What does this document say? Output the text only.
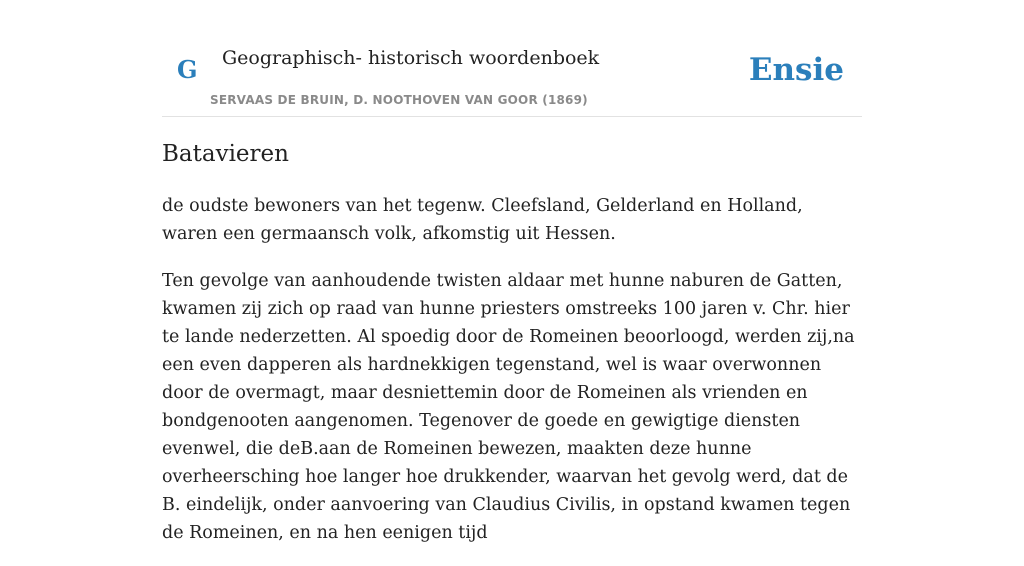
G Geographisch- historisch woordenboek
SERVAAS DE BRUIN, D. NOOTHOVEN VAN GOOR (1869)
Ensie
Batavieren

de oudste bewoners van het tegenw. Cleefsland, Gelderland en Holland, waren een germaansch volk, afkomstig uit Hessen.

Ten gevolge van aanhoudende twisten aldaar met hunne naburen de Gatten, kwamen zij zich op raad van hunne priesters omstreeks 100 jaren v. Chr. hier te lande nederzetten. Al spoedig door de Romeinen beoorloogd, werden zij,na een even dapperen als hardnekkigen tegenstand, wel is waar overwonnen door de overmagt, maar desniettemin door de Romeinen als vrienden en bondgenooten aangenomen. Tegenover de goede en gewigtige diensten evenwel, die deB.aan de Romeinen bewezen, maakten deze hunne overheersching hoe langer hoe drukkender, waarvan het gevolg werd, dat de B. eindelijk, onder aanvoering van Claudius Civilis, in opstand kwamen tegen de Romeinen, en na hen eenigen tijd
